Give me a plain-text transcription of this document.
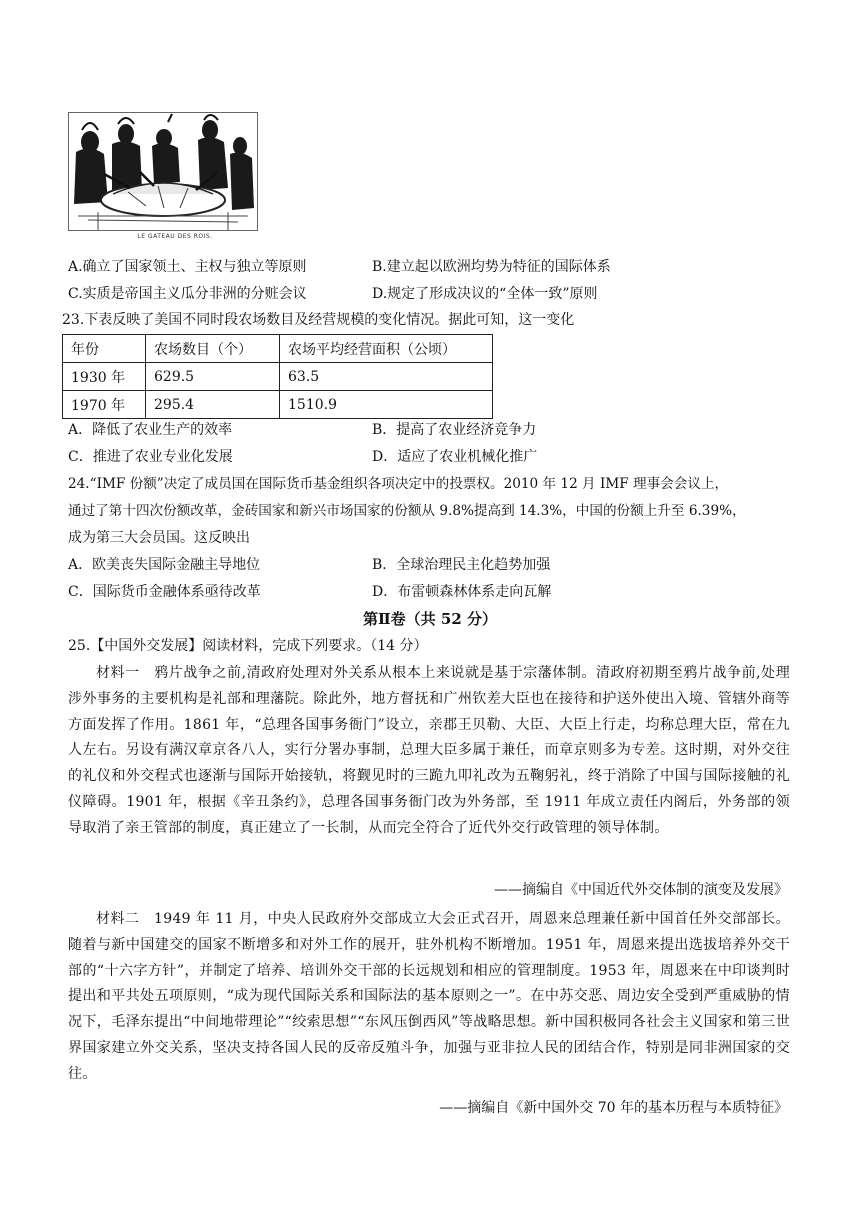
LE GATEAU DES ROIS.
A.确立了国家领土、主权与独立等原则	B.建立起以欧洲均势为特征的国际体系
C.实质是帝国主义瓜分非洲的分赃会议	D.规定了形成决议的“全体一致”原则
23.下表反映了美国不同时段农场数目及经营规模的变化情况。据此可知，这一变化
年份	农场数目（个）	农场平均经营面积（公顷）
1930 年	629.5	63.5
1970 年	295.4	1510.9
A．降低了农业生产的效率	B．提高了农业经济竞争力
C．推进了农业专业化发展	D．适应了农业机械化推广
24.“IMF 份额”决定了成员国在国际货币基金组织各项决定中的投票权。2010 年 12 月 IMF 理事会会议上，
通过了第十四次份额改革，金砖国家和新兴市场国家的份额从 9.8%提高到 14.3%，中国的份额上升至 6.39%，
成为第三大会员国。这反映出
A．欧美丧失国际金融主导地位	B．全球治理民主化趋势加强
C．国际货币金融体系亟待改革	D．布雷顿森林体系走向瓦解
第Ⅱ卷（共 52 分）
25.【中国外交发展】阅读材料，完成下列要求。（14 分）
材料一　鸦片战争之前,清政府处理对外关系从根本上来说就是基于宗藩体制。清政府初期至鸦片战争前,处理涉外事务的主要机构是礼部和理藩院。除此外，地方督抚和广州钦差大臣也在接待和护送外使出入境、管辖外商等方面发挥了作用。1861 年，“总理各国事务衙门”设立，亲郡王贝勒、大臣、大臣上行走，均称总理大臣，常在九人左右。另设有满汉章京各八人，实行分署办事制，总理大臣多属于兼任，而章京则多为专差。这时期，对外交往的礼仪和外交程式也逐渐与国际开始接轨，将觐见时的三跪九叩礼改为五鞠躬礼，终于消除了中国与国际接触的礼仪障碍。1901 年，根据《辛丑条约》，总理各国事务衙门改为外务部，至 1911 年成立责任内阁后，外务部的领导取消了亲王管部的制度，真正建立了一长制，从而完全符合了近代外交行政管理的领导体制。
——摘编自《中国近代外交体制的演变及发展》
材料二　1949 年 11 月，中央人民政府外交部成立大会正式召开，周恩来总理兼任新中国首任外交部部长。随着与新中国建交的国家不断增多和对外工作的展开，驻外机构不断增加。1951 年，周恩来提出选拔培养外交干部的“十六字方针”，并制定了培养、培训外交干部的长远规划和相应的管理制度。1953 年，周恩来在中印谈判时提出和平共处五项原则，“成为现代国际关系和国际法的基本原则之一”。在中苏交恶、周边安全受到严重威胁的情况下，毛泽东提出“中间地带理论”“绞索思想”“东风压倒西风”等战略思想。新中国积极同各社会主义国家和第三世界国家建立外交关系，坚决支持各国人民的反帝反殖斗争，加强与亚非拉人民的团结合作，特别是同非洲国家的交往。
——摘编自《新中国外交 70 年的基本历程与本质特征》
